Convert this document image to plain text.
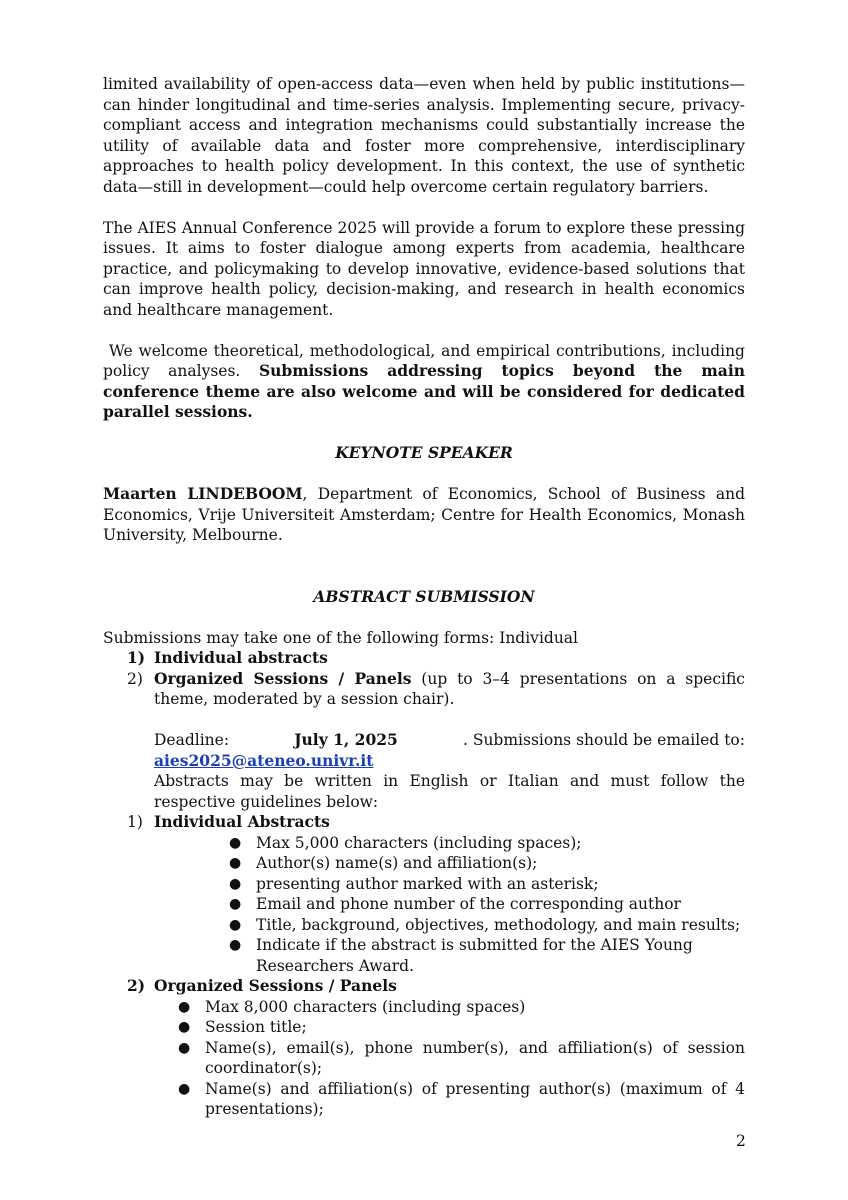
limited availability of open-access data—even when held by public institutions—can hinder longitudinal and time-series analysis. Implementing secure, privacy-compliant access and integration mechanisms could substantially increase the utility of available data and foster more comprehensive, interdisciplinary approaches to health policy development. In this context, the use of synthetic data—still in development—could help overcome certain regulatory barriers.

The AIES Annual Conference 2025 will provide a forum to explore these pressing issues. It aims to foster dialogue among experts from academia, healthcare practice, and policymaking to develop innovative, evidence-based solutions that can improve health policy, decision-making, and research in health economics and healthcare management.

We welcome theoretical, methodological, and empirical contributions, including policy analyses. Submissions addressing topics beyond the main conference theme are also welcome and will be considered for dedicated parallel sessions.

KEYNOTE SPEAKER

Maarten LINDEBOOM, Department of Economics, School of Business and Economics, Vrije Universiteit Amsterdam; Centre for Health Economics, Monash University, Melbourne.

ABSTRACT SUBMISSION

Submissions may take one of the following forms: Individual

1) Individual abstracts
2) Organized Sessions / Panels (up to 3–4 presentations on a specific theme, moderated by a session chair).
Deadline:	July 1, 2025	. Submissions should be emailed to:
aies2025@ateneo.univr.it

Abstracts may be written in English or Italian and must follow the respective guidelines below:

1) Individual Abstracts
● Max 5,000 characters (including spaces);
● Author(s) name(s) and affiliation(s);
● presenting author marked with an asterisk;
● Email and phone number of the corresponding author
● Title, background, objectives, methodology, and main results;
● Indicate if the abstract is submitted for the AIES Young Researchers Award.
2) Organized Sessions / Panels
● Max 8,000 characters (including spaces)
● Session title;
● Name(s), email(s), phone number(s), and affiliation(s) of session coordinator(s);
● Name(s) and affiliation(s) of presenting author(s) (maximum of 4 presentations);
2
